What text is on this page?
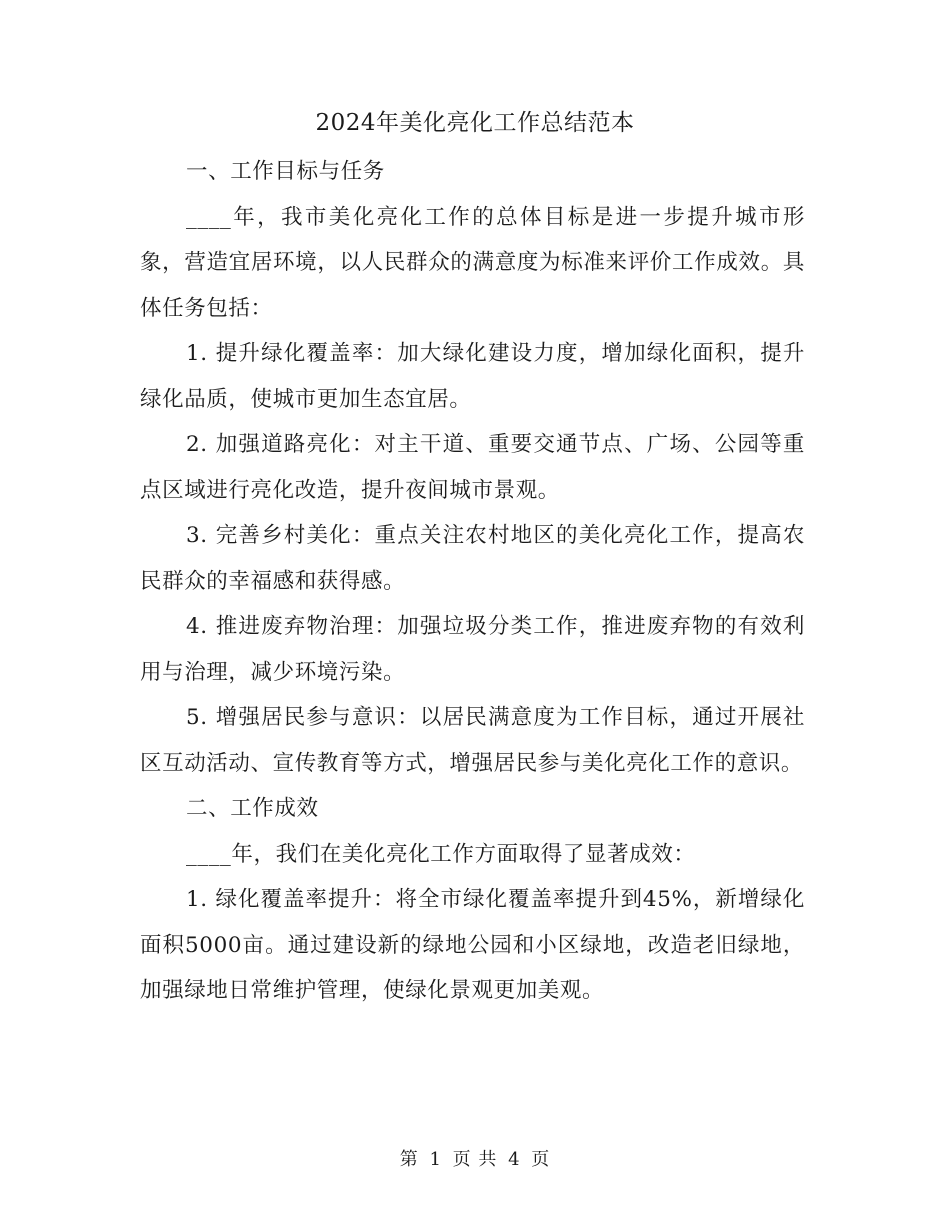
2024年美化亮化工作总结范本

一、工作目标与任务

____年，我市美化亮化工作的总体目标是进一步提升城市形象，营造宜居环境，以人民群众的满意度为标准来评价工作成效。具体任务包括：

1. 提升绿化覆盖率：加大绿化建设力度，增加绿化面积，提升绿化品质，使城市更加生态宜居。

2. 加强道路亮化：对主干道、重要交通节点、广场、公园等重点区域进行亮化改造，提升夜间城市景观。

3. 完善乡村美化：重点关注农村地区的美化亮化工作，提高农民群众的幸福感和获得感。

4. 推进废弃物治理：加强垃圾分类工作，推进废弃物的有效利用与治理，减少环境污染。

5. 增强居民参与意识：以居民满意度为工作目标，通过开展社区互动活动、宣传教育等方式，增强居民参与美化亮化工作的意识。

二、工作成效

____年，我们在美化亮化工作方面取得了显著成效：

1. 绿化覆盖率提升：将全市绿化覆盖率提升到45%，新增绿化面积5000亩。通过建设新的绿地公园和小区绿地，改造老旧绿地，加强绿地日常维护管理，使绿化景观更加美观。

第 1 页 共 4 页
